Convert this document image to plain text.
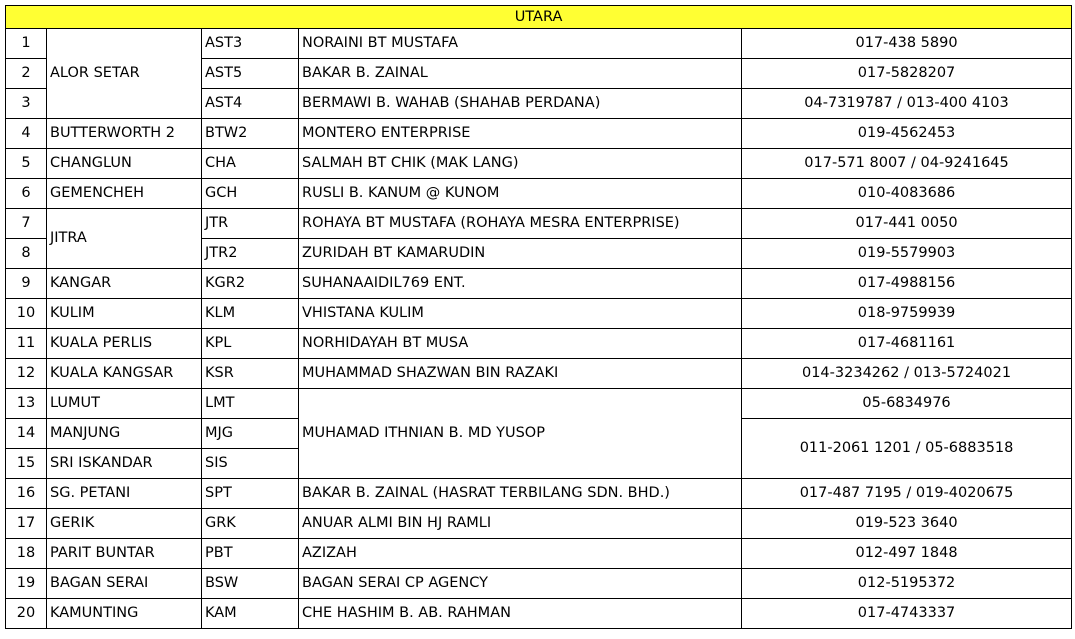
UTARA				
1	ALOR SETAR	AST3	NORAINI BT MUSTAFA	017-438 5890
2		AST5	BAKAR B. ZAINAL	017-5828207
3		AST4	BERMAWI B. WAHAB (SHAHAB PERDANA)	04-7319787 / 013-400 4103
4	BUTTERWORTH 2	BTW2	MONTERO ENTERPRISE	019-4562453
5	CHANGLUN	CHA	SALMAH BT CHIK (MAK LANG)	017-571 8007 / 04-9241645
6	GEMENCHEH	GCH	RUSLI B. KANUM @ KUNOM	010-4083686
7	JITRA	JTR	ROHAYA BT MUSTAFA (ROHAYA MESRA ENTERPRISE)	017-441 0050
8		JTR2	ZURIDAH BT KAMARUDIN	019-5579903
9	KANGAR	KGR2	SUHANAAIDIL769 ENT.	017-4988156
10	KULIM	KLM	VHISTANA KULIM	018-9759939
11	KUALA PERLIS	KPL	NORHIDAYAH BT MUSA	017-4681161
12	KUALA KANGSAR	KSR	MUHAMMAD SHAZWAN BIN RAZAKI	014-3234262 / 013-5724021
13	LUMUT	LMT	MUHAMAD ITHNIAN B. MD YUSOP	05-6834976
14	MANJUNG	MJG		011-2061 1201 / 05-6883518
15	SRI ISKANDAR	SIS		
16	SG. PETANI	SPT	BAKAR B. ZAINAL (HASRAT TERBILANG SDN. BHD.)	017-487 7195 / 019-4020675
17	GERIK	GRK	ANUAR ALMI BIN HJ RAMLI	019-523 3640
18	PARIT BUNTAR	PBT	AZIZAH	012-497 1848
19	BAGAN SERAI	BSW	BAGAN SERAI CP AGENCY	012-5195372
20	KAMUNTING	KAM	CHE HASHIM B. AB. RAHMAN	017-4743337
